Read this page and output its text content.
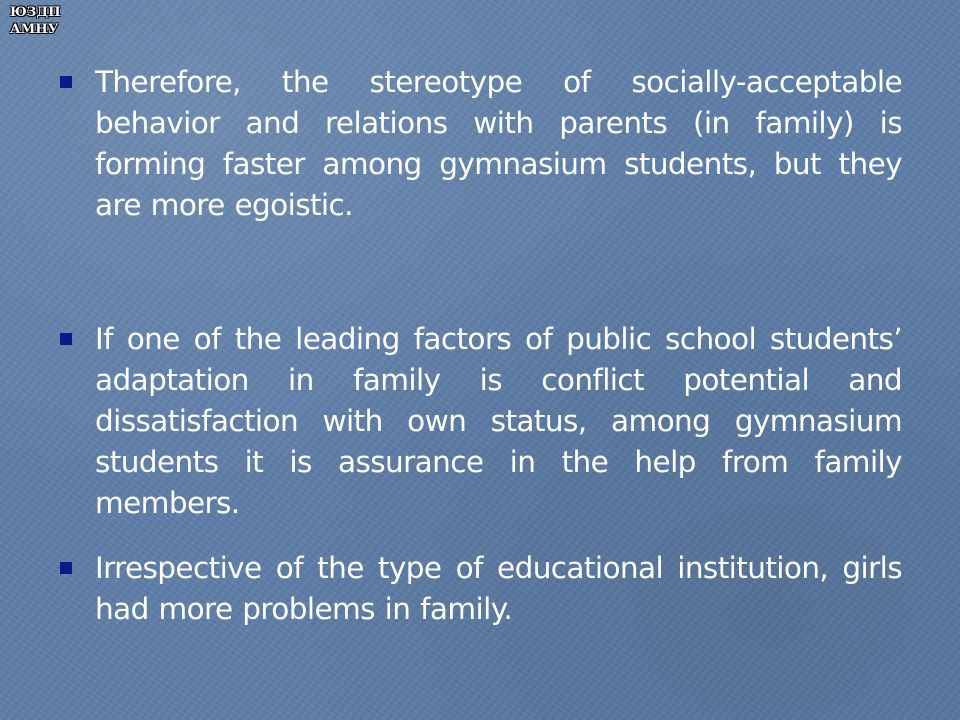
ЮЗДП
АМНУ
Therefore, the stereotype of socially-acceptable behavior and relations with parents (in family) is forming faster among gymnasium students, but they are more egoistic.
If one of the leading factors of public school students’ adaptation in family is conflict potential and dissatisfaction with own status, among gymnasium students it is assurance in the help from family members.
Irrespective of the type of educational institution, girls had more problems in family.
